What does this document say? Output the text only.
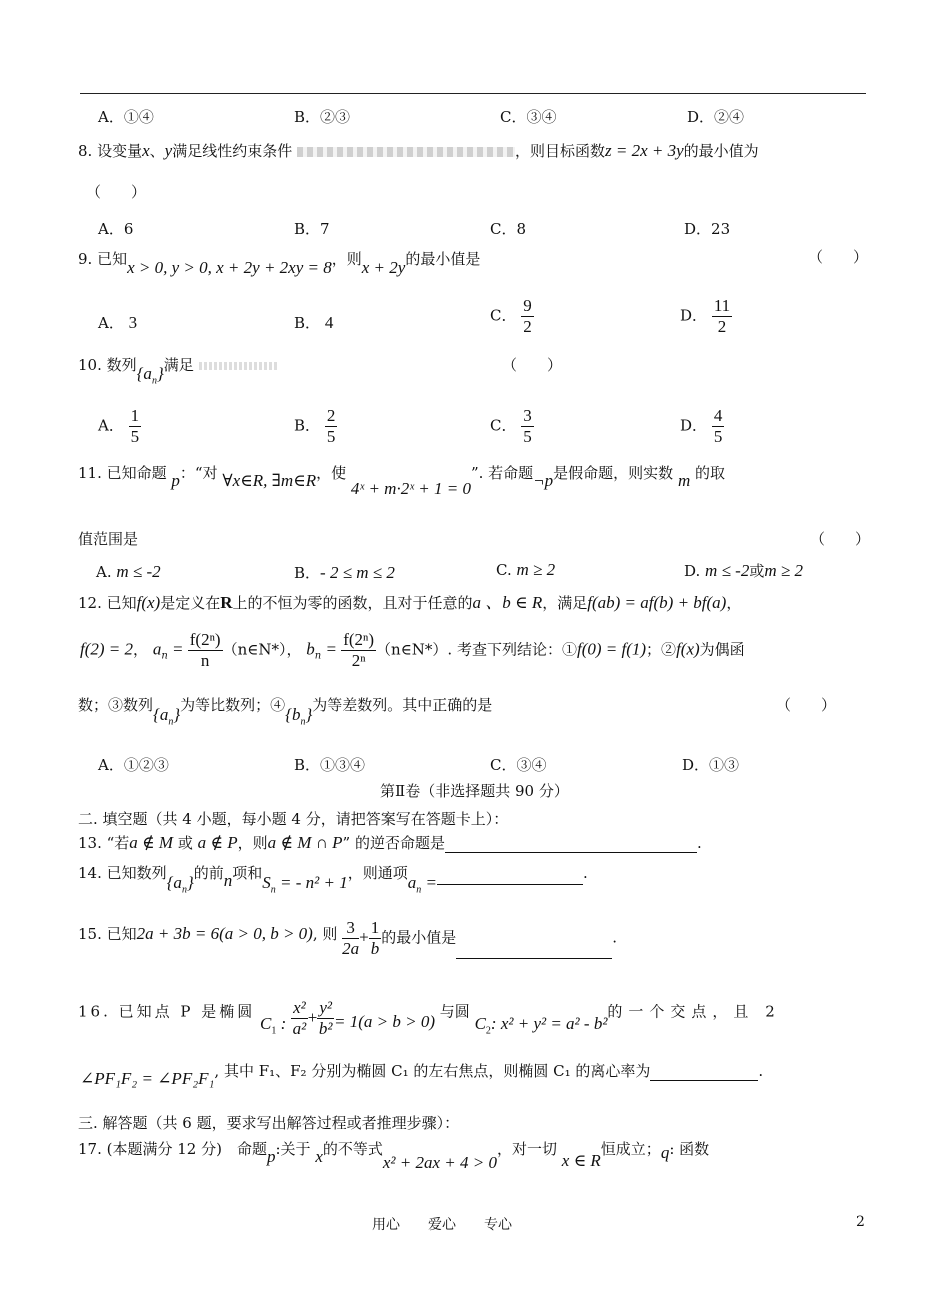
A．①④	B．②③	C．③④	D．②④
8. 设变量x、y满足线性约束条件	，则目标函数z = 2x + 3y的最小值为
（　　）
A．6	B．7	C．8	D．23
9. 已知x > 0, y > 0, x + 2y + 2xy = 8，则x + 2y的最小值是	（　　）
A． 3	B． 4	C． $\frac{9}{2}$	D． $\frac{11}{2}$
10. 数列$\{a_n\}$满足	（　　）
A． $\frac{1}{5}$	B． $\frac{2}{5}$	C． $\frac{3}{5}$	D． $\frac{4}{5}$
11. 已知命题 p：“对 ∀x∈R, ∃m∈R，使 4ˣ + m·2ˣ + 1 = 0”. 若命题¬p是假命题，则实数 m 的取
值范围是	（　　）
A. m ≤ -2	B．- 2 ≤ m ≤ 2	C. m ≥ 2	D. m ≤ -2或m ≥ 2
12. 已知f(x)是定义在R上的不恒为零的函数，且对于任意的a 、b ∈ R，满足f(ab) = af(b) + bf(a)，
f(2) = 2， $a_n = \frac{\text{f(2ⁿ)}}{n}$ （n∈N*）， $b_n = \frac{\text{f(2ⁿ)}}{\text{2ⁿ}}$ （n∈N*）. 考查下列结论：①f(0) = f(1)；②f(x)为偶函
数；③数列$\{a_n\}$为等比数列；$④\{b_n\}$为等差数列。其中正确的是	（　　）
A．①②③	B．①③④	C．③④	D．①③
第Ⅱ卷（非选择题共 90 分）
二. 填空题（共 4 小题，每小题 4 分，请把答案写在答题卡上）：
13. “若a ∉ M 或 a ∉ P，则a ∉ M ∩ P” 的逆否命题是	.
14. 已知数列$\{a_n\}$的前n项和$S_n$ = - n² + 1，则通项$a_n$ =	.
15. 已知2a + 3b = 6(a > 0, b > 0), 则 $\frac{3}{2a} + \frac{1}{b}$ 的最小值是	.
16. 已知点 P 是椭圆 $C_1$ : $\frac{\text{x²}}{\text{a²}} + \frac{\text{y²}}{\text{b²}} = 1(a > b > 0)$ 与圆 $C_2$: x² + y² = a² - b²的一个交点，且 2
∠PF₁F₂ = ∠PF₂F₁, 其中 F₁、F₂ 分别为椭圆 C₁ 的左右焦点，则椭圆 C₁ 的离心率为	.
三. 解答题（共 6 题，要求写出解答过程或者推理步骤）：
17. (本题满分 12 分)　命题p:关于 x的不等式x² + 2ax + 4 > 0，对一切 x ∈ R恒成立；q: 函数
用心　　爱心　　专心	2
